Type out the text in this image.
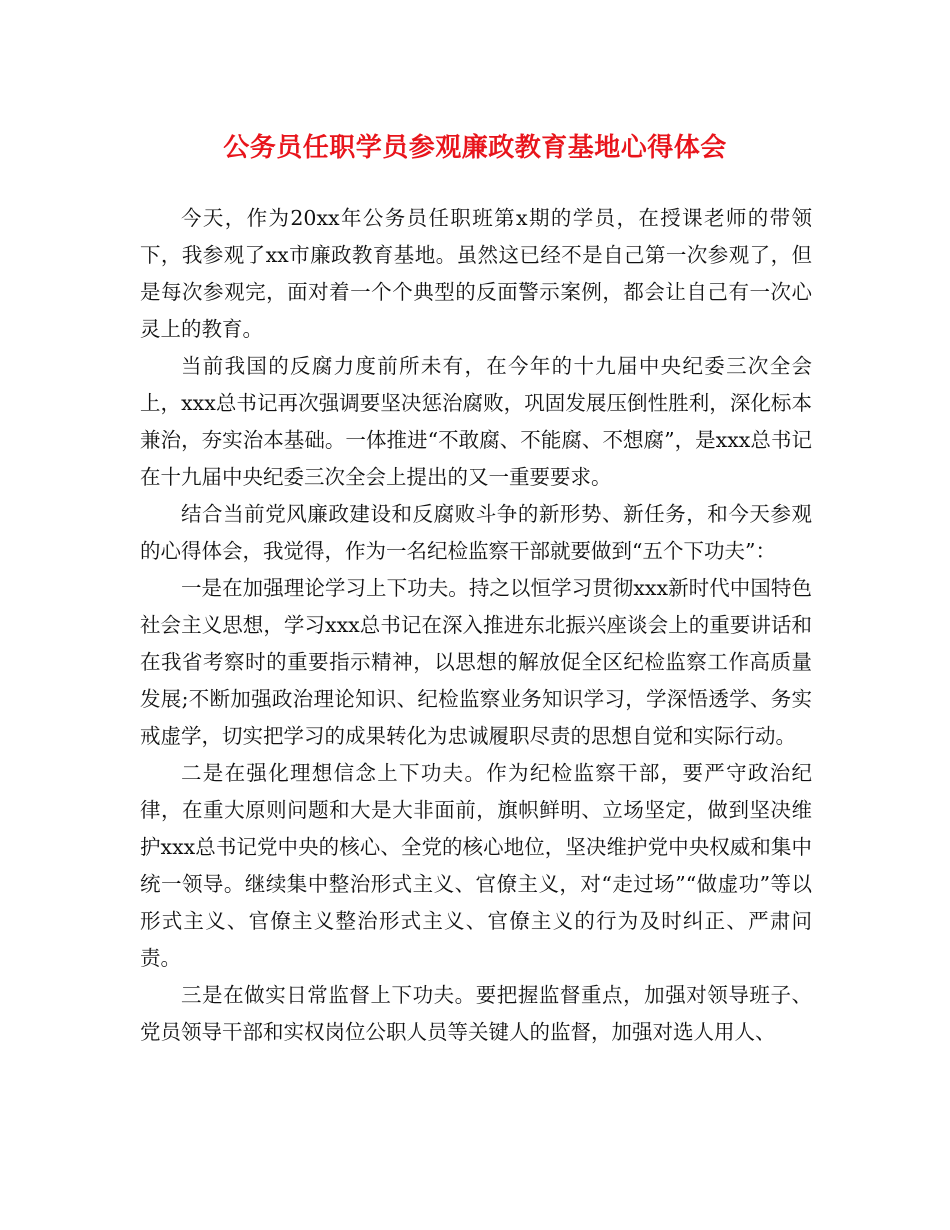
公务员任职学员参观廉政教育基地心得体会

今天，作为20xx年公务员任职班第x期的学员，在授课老师的带领下，我参观了xx市廉政教育基地。虽然这已经不是自己第一次参观了，但是每次参观完，面对着一个个典型的反面警示案例，都会让自己有一次心灵上的教育。

当前我国的反腐力度前所未有，在今年的十九届中央纪委三次全会上，xxx总书记再次强调要坚决惩治腐败，巩固发展压倒性胜利，深化标本兼治，夯实治本基础。一体推进“不敢腐、不能腐、不想腐”，是xxx总书记在十九届中央纪委三次全会上提出的又一重要要求。

结合当前党风廉政建设和反腐败斗争的新形势、新任务，和今天参观的心得体会，我觉得，作为一名纪检监察干部就要做到“五个下功夫”：

一是在加强理论学习上下功夫。持之以恒学习贯彻xxx新时代中国特色社会主义思想，学习xxx总书记在深入推进东北振兴座谈会上的重要讲话和在我省考察时的重要指示精神，以思想的解放促全区纪检监察工作高质量发展;不断加强政治理论知识、纪检监察业务知识学习，学深悟透学、务实戒虚学，切实把学习的成果转化为忠诚履职尽责的思想自觉和实际行动。

二是在强化理想信念上下功夫。作为纪检监察干部，要严守政治纪律，在重大原则问题和大是大非面前，旗帜鲜明、立场坚定，做到坚决维护xxx总书记党中央的核心、全党的核心地位，坚决维护党中央权威和集中统一领导。继续集中整治形式主义、官僚主义，对“走过场”“做虚功”等以形式主义、官僚主义整治形式主义、官僚主义的行为及时纠正、严肃问责。

三是在做实日常监督上下功夫。要把握监督重点，加强对领导班子、党员领导干部和实权岗位公职人员等关键人的监督，加强对选人用人、
